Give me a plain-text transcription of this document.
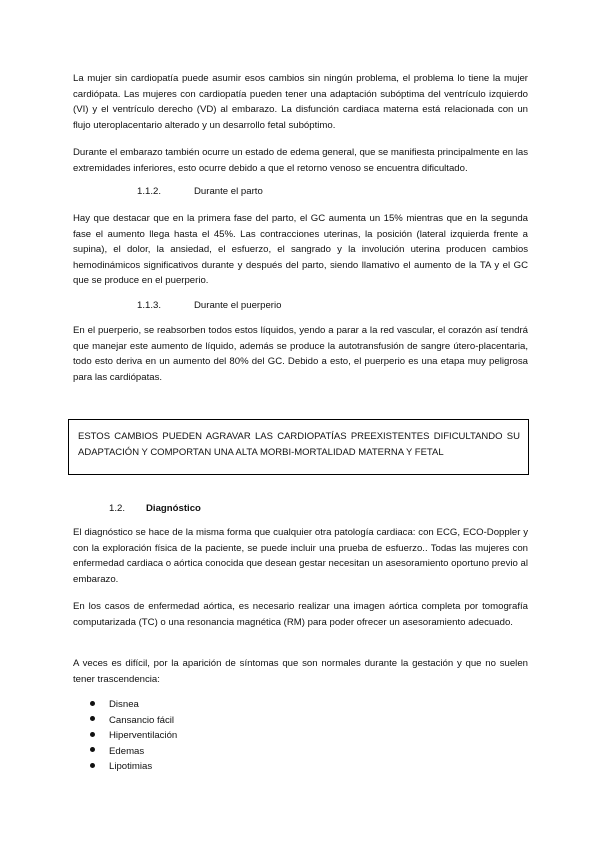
La mujer sin cardiopatía puede asumir esos cambios sin ningún problema, el problema lo tiene la mujer cardiópata. Las mujeres con cardiopatía pueden tener una adaptación subóptima del ventrículo izquierdo (VI) y el ventrículo derecho (VD) al embarazo. La disfunción cardiaca materna está relacionada con un flujo uteroplacentario alterado y un desarrollo fetal subóptimo.

Durante el embarazo también ocurre un estado de edema general, que se manifiesta principalmente en las extremidades inferiores, esto ocurre debido a que el retorno venoso se encuentra dificultado.

1.1.2.	Durante el parto

Hay que destacar que en la primera fase del parto, el GC aumenta un 15% mientras que en la segunda fase el aumento llega hasta el 45%. Las contracciones uterinas, la posición (lateral izquierda frente a supina), el dolor, la ansiedad, el esfuerzo, el sangrado y la involución uterina producen cambios hemodinámicos significativos durante y después del parto, siendo llamativo el aumento de la TA y el GC que se produce en el puerperio.

1.1.3.	Durante el puerperio

En el puerperio, se reabsorben todos estos líquidos, yendo a parar a la red vascular, el corazón así tendrá que manejar este aumento de líquido, además se produce la autotransfusión de sangre útero-placentaria, todo esto deriva en un aumento del 80% del GC. Debido a esto, el puerperio es una etapa muy peligrosa para las cardiópatas.

ESTOS CAMBIOS PUEDEN AGRAVAR LAS CARDIOPATÍAS PREEXISTENTES DIFICULTANDO SU ADAPTACIÓN Y COMPORTAN UNA ALTA MORBI-MORTALIDAD MATERNA Y FETAL
1.2. Diagnóstico

El diagnóstico se hace de la misma forma que cualquier otra patología cardiaca: con ECG, ECO-Doppler y con la exploración física de la paciente, se puede incluir una prueba de esfuerzo.. Todas las mujeres con enfermedad cardiaca o aórtica conocida que desean gestar necesitan un asesoramiento oportuno previo al embarazo.

En los casos de enfermedad aórtica, es necesario realizar una imagen aórtica completa por tomografía computarizada (TC) o una resonancia magnética (RM) para poder ofrecer un asesoramiento adecuado.

A veces es difícil, por la aparición de síntomas que son normales durante la gestación y que no suelen tener trascendencia:

Disnea
Cansancio fácil
Hiperventilación
Edemas
Lipotimias
